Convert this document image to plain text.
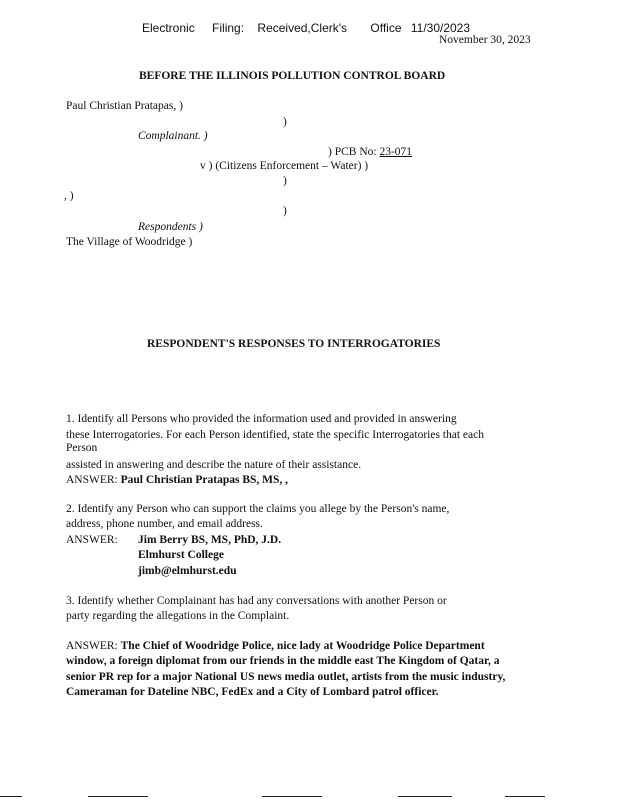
Electronic Filing: Received,Clerk's Office 11/30/2023
November 30, 2023
BEFORE THE ILLINOIS POLLUTION CONTROL BOARD
Paul Christian Pratapas, )
)
Complainant. )
) PCB No: 23-071
v ) (Citizens Enforcement – Water) )
)
, )
)
Respondents )
The Village of Woodridge )
RESPONDENT'S RESPONSES TO INTERROGATORIES
1. Identify all Persons who provided the information used and provided in answering
these Interrogatories. For each Person identified, state the specific Interrogatories that each
Person
assisted in answering and describe the nature of their assistance.
ANSWER: Paul Christian Pratapas BS, MS, ,
2. Identify any Person who can support the claims you allege by the Person's name,
address, phone number, and email address.
ANSWER: Jim Berry BS, MS, PhD, J.D.
Elmhurst College
jimb@elmhurst.edu
3. Identify whether Complainant has had any conversations with another Person or
party regarding the allegations in the Complaint.
ANSWER: The Chief of Woodridge Police, nice lady at Woodridge Police Department
window, a foreign diplomat from our friends in the middle east The Kingdom of Qatar, a
senior PR rep for a major National US news media outlet, artists from the music industry,
Cameraman for Dateline NBC, FedEx and a City of Lombard patrol officer.
